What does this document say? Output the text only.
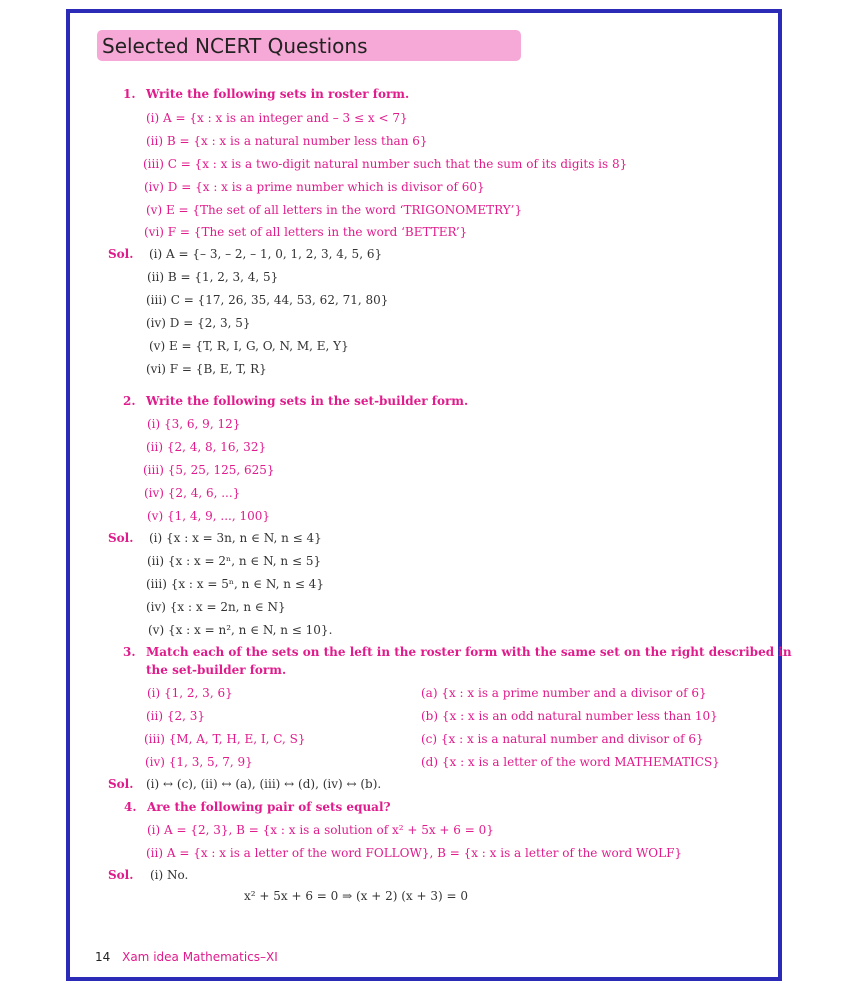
Selected NCERT Questions
1. Write the following sets in roster form.
(i) A = {x : x is an integer and – 3 ≤ x < 7}
(ii) B = {x : x is a natural number less than 6}
(iii) C = {x : x is a two-digit natural number such that the sum of its digits is 8}
(iv) D = {x : x is a prime number which is divisor of 60}
(v) E = {The set of all letters in the word ‘TRIGONOMETRY’}
(vi) F = {The set of all letters in the word ‘BETTER’}
Sol. (i) A = {– 3, – 2, – 1, 0, 1, 2, 3, 4, 5, 6}
(ii) B = {1, 2, 3, 4, 5}
(iii) C = {17, 26, 35, 44, 53, 62, 71, 80}
(iv) D = {2, 3, 5}
(v) E = {T, R, I, G, O, N, M, E, Y}
(vi) F = {B, E, T, R}
2. Write the following sets in the set-builder form.
(i) {3, 6, 9, 12}
(ii) {2, 4, 8, 16, 32}
(iii) {5, 25, 125, 625}
(iv) {2, 4, 6, ...}
(v) {1, 4, 9, ..., 100}
Sol. (i) {x : x = 3n, n ∈ N, n ≤ 4}
(ii) {x : x = 2ⁿ, n ∈ N, n ≤ 5}
(iii) {x : x = 5ⁿ, n ∈ N, n ≤ 4}
(iv) {x : x = 2n, n ∈ N}
(v) {x : x = n², n ∈ N, n ≤ 10}.
3. Match each of the sets on the left in the roster form with the same set on the right described in
the set-builder form.
(i) {1, 2, 3, 6}
(ii) {2, 3}
(iii) {M, A, T, H, E, I, C, S}
(iv) {1, 3, 5, 7, 9}
(a) {x : x is a prime number and a divisor of 6}
(b) {x : x is an odd natural number less than 10}
(c) {x : x is a natural number and divisor of 6}
(d) {x : x is a letter of the word MATHEMATICS}
Sol. (i) ↔ (c), (ii) ↔ (a), (iii) ↔ (d), (iv) ↔ (b).
4. Are the following pair of sets equal?
(i) A = {2, 3}, B = {x : x is a solution of x² + 5x + 6 = 0}
(ii) A = {x : x is a letter of the word FOLLOW}, B = {x : x is a letter of the word WOLF}
Sol. (i) No.
x² + 5x + 6 = 0 ⇒ (x + 2) (x + 3) = 0
14 Xam idea Mathematics–XI
